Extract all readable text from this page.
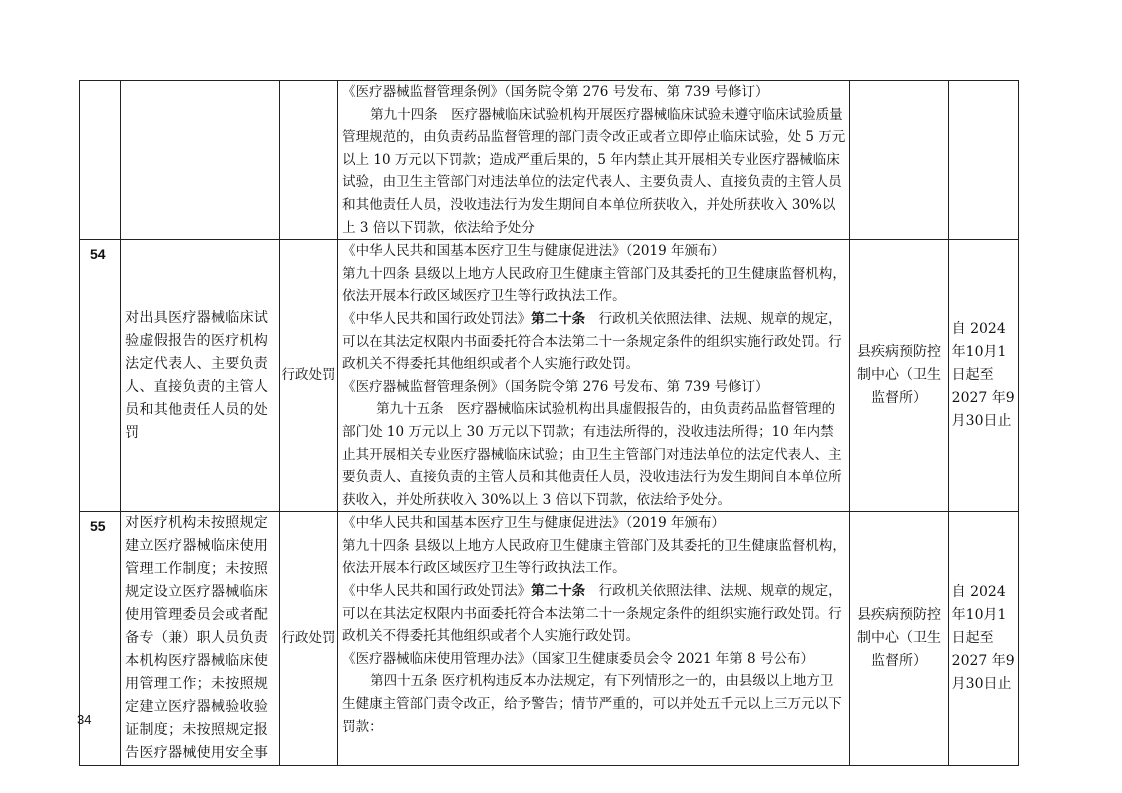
			《医疗器械监督管理条例》（国务院令第 276 号发布、第 739 号修订）

第九十四条　医疗器械临床试验机构开展医疗器械临床试验未遵守临床试验质量管理规范的，由负责药品监督管理的部门责令改正或者立即停止临床试验，处 5 万元以上 10 万元以下罚款；造成严重后果的，5 年内禁止其开展相关专业医疗器械临床试验，由卫生主管部门对违法单位的法定代表人、主要负责人、直接负责的主管人员和其他责任人员，没收违法行为发生期间自本单位所获收入，并处所获收入 30%以上 3 倍以下罚款，依法给予处分		

54	对出具医疗器械临床试验虚假报告的医疗机构法定代表人、主要负责人、直接负责的主管人员和其他责任人员的处罚	行政处罚	《中华人民共和国基本医疗卫生与健康促进法》（2019 年颁布）

第九十四条 县级以上地方人民政府卫生健康主管部门及其委托的卫生健康监督机构，依法开展本行政区域医疗卫生等行政执法工作。

《中华人民共和国行政处罚法》第二十条  行政机关依照法律、法规、规章的规定，可以在其法定权限内书面委托符合本法第二十一条规定条件的组织实施行政处罚。行政机关不得委托其他组织或者个人实施行政处罚。

《医疗器械监督管理条例》（国务院令第 276 号发布、第 739 号修订）

第九十五条　医疗器械临床试验机构出具虚假报告的，由负责药品监督管理的部门处 10 万元以上 30 万元以下罚款；有违法所得的，没收违法所得；10 年内禁止其开展相关专业医疗器械临床试验；由卫生主管部门对违法单位的法定代表人、主要负责人、直接负责的主管人员和其他责任人员，没收违法行为发生期间自本单位所获收入，并处所获收入 30%以上 3 倍以下罚款，依法给予处分。	县疾病预防控制中心（卫生监督所）	自 2024 年10月1日起至 2027 年9月30日止

55	对医疗机构未按照规定建立医疗器械临床使用管理工作制度；未按照规定设立医疗器械临床使用管理委员会或者配备专（兼）职人员负责本机构医疗器械临床使用管理工作；未按照规定建立医疗器械验收验证制度；未按照规定报告医疗器械使用安全事	行政处罚	《中华人民共和国基本医疗卫生与健康促进法》（2019 年颁布）

第九十四条 县级以上地方人民政府卫生健康主管部门及其委托的卫生健康监督机构，依法开展本行政区域医疗卫生等行政执法工作。

《中华人民共和国行政处罚法》第二十条  行政机关依照法律、法规、规章的规定，可以在其法定权限内书面委托符合本法第二十一条规定条件的组织实施行政处罚。行政机关不得委托其他组织或者个人实施行政处罚。

《医疗器械临床使用管理办法》（国家卫生健康委员会令 2021 年第 8 号公布）

第四十五条 医疗机构违反本办法规定，有下列情形之一的，由县级以上地方卫生健康主管部门责令改正，给予警告；情节严重的，可以并处五千元以上三万元以下罚款：	县疾病预防控制中心（卫生监督所）	自 2024 年10月1日起至 2027 年9月30日止
34
